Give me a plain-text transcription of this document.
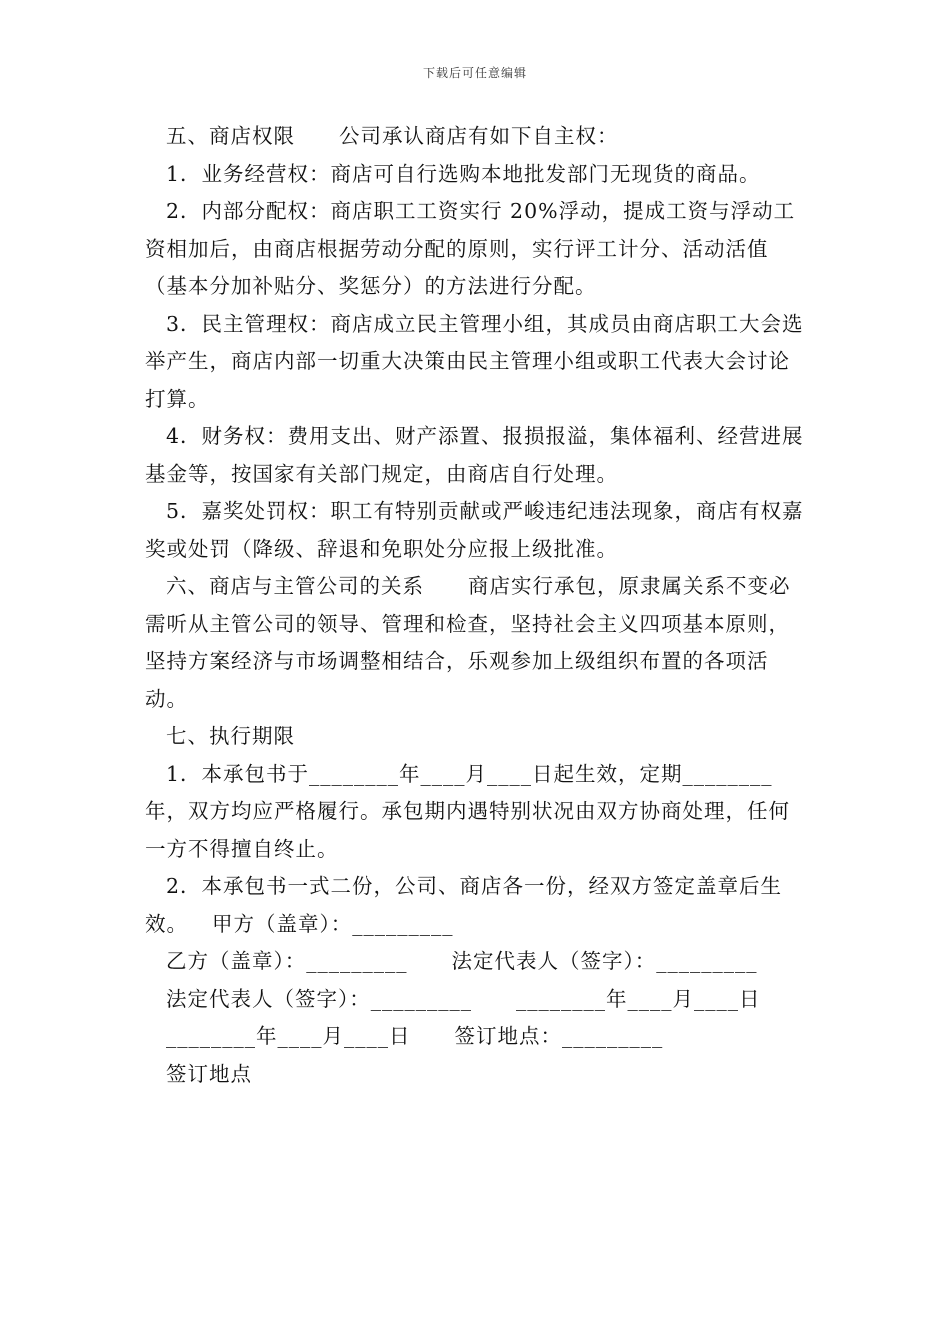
下载后可任意编辑

五、商店权限 公司承认商店有如下自主权：

1．业务经营权：商店可自行选购本地批发部门无现货的商品。

2．内部分配权：商店职工工资实行 20%浮动，提成工资与浮动工资相加后，由商店根据劳动分配的原则，实行评工计分、活动活值（基本分加补贴分、奖惩分）的方法进行分配。

3．民主管理权：商店成立民主管理小组，其成员由商店职工大会选举产生，商店内部一切重大决策由民主管理小组或职工代表大会讨论打算。

4．财务权：费用支出、财产添置、报损报溢，集体福利、经营进展基金等，按国家有关部门规定，由商店自行处理。

5．嘉奖处罚权：职工有特别贡献或严峻违纪违法现象，商店有权嘉奖或处罚（降级、辞退和免职处分应报上级批准。

六、商店与主管公司的关系 商店实行承包，原隶属关系不变必需听从主管公司的领导、管理和检查，坚持社会主义四项基本原则，坚持方案经济与市场调整相结合，乐观参加上级组织布置的各项活动。

七、执行期限

1．本承包书于________年____月____日起生效，定期________年，双方均应严格履行。承包期内遇特别状况由双方协商处理，任何一方不得擅自终止。

2．本承包书一式二份，公司、商店各一份，经双方签定盖章后生效。 甲方（盖章）：_________

乙方（盖章）：_________ 法定代表人（签字）：_________

法定代表人（签字）：_________ ________年____月____日

________年____月____日 签订地点：_________

签订地点
